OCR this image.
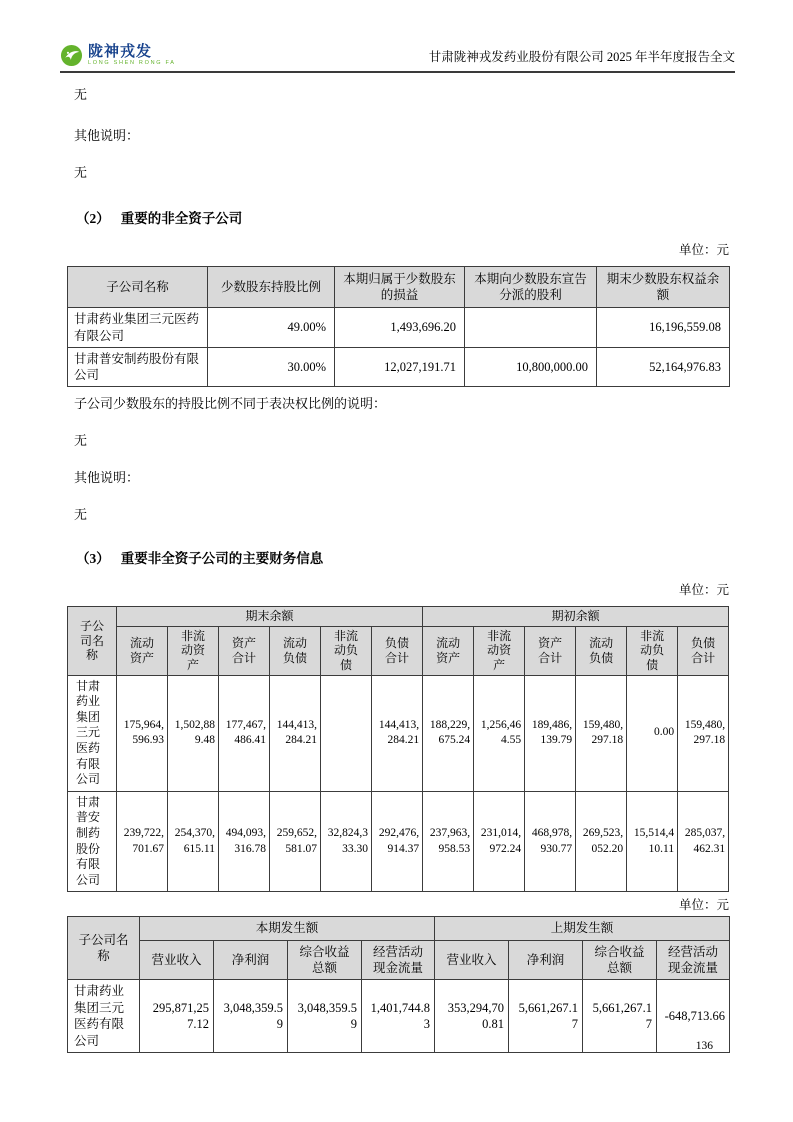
陇神戎发
LONG SHEN RONG FA	甘肃陇神戎发药业股份有限公司 2025 年半年度报告全文
无
其他说明：
无
（2） 重要的非全资子公司
单位：元
子公司名称	少数股东持股比例	本期归属于少数股东的损益	本期向少数股东宣告分派的股利	期末少数股东权益余额
甘肃药业集团三元医药有限公司	49.00%	1,493,696.20		16,196,559.08
甘肃普安制药股份有限公司	30.00%	12,027,191.71	10,800,000.00	52,164,976.83
子公司少数股东的持股比例不同于表决权比例的说明：
无
其他说明：
无
（3） 重要非全资子公司的主要财务信息
单位：元
子公司名称	期末余额						期初余额					
	流动资产	非流动资产	资产合计	流动负债	非流动负债	负债合计	流动资产	非流动资产	资产合计	流动负债	非流动负债	负债合计
甘肃药业集团三元医药有限公司	175,964,596.93	1,502,889.48	177,467,486.41	144,413,284.21		144,413,284.21	188,229,675.24	1,256,464.55	189,486,139.79	159,480,297.18	0.00	159,480,297.18
甘肃普安制药股份有限公司	239,722,701.67	254,370,615.11	494,093,316.78	259,652,581.07	32,824,333.30	292,476,914.37	237,963,958.53	231,014,972.24	468,978,930.77	269,523,052.20	15,514,410.11	285,037,462.31
单位：元
子公司名称	本期发生额				上期发生额			
	营业收入	净利润	综合收益总额	经营活动现金流量	营业收入	净利润	综合收益总额	经营活动现金流量
甘肃药业集团三元医药有限公司	295,871,257.12	3,048,359.59	3,048,359.59	1,401,744.83	353,294,700.81	5,661,267.17	5,661,267.17	-648,713.66
136
